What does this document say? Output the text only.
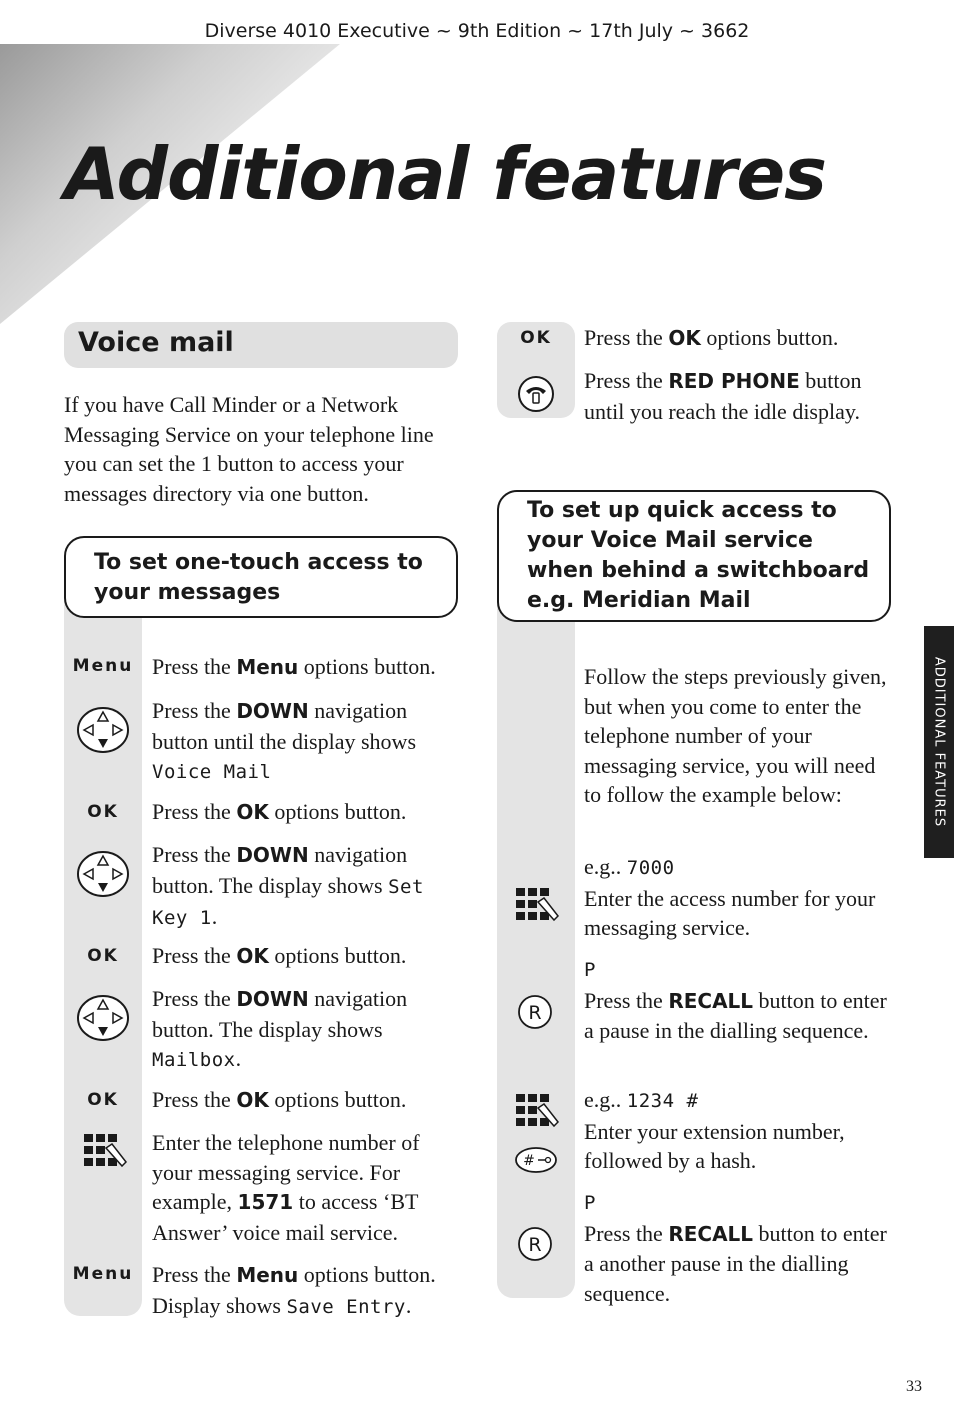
Diverse 4010 Executive ~ 9th Edition ~ 17th July ~ 3662
Additional features
ADDITIONAL FEATURES
33
Voice mail
If you have Call Minder or a Network Messaging Service on your telephone line you can set the 1 button to access your messages directory via one button.
To set one-touch access to your messages
Menu Press the Menu options button.
Press the DOWN navigation button until the display shows Voice Mail
OK	Press the OK options button.
Press the DOWN navigation button. The display shows Set Key 1.
OK	Press the OK options button.
Press the DOWN navigation button. The display shows Mailbox.
OK	Press the OK options button.
Enter the telephone number of your messaging service. For example, 1571 to access ‘BT Answer’ voice mail service.
Menu Press the Menu options button. Display shows Save Entry.
OK	Press the OK options button.
Press the RED PHONE button until you reach the idle display.
To set up quick access to your Voice Mail service when behind a switchboard e.g. Meridian Mail
Follow the steps previously given, but when you come to enter the telephone number of your messaging service, you will need to follow the example below:
e.g.. 7000
Enter the access number for your messaging service.
P
Press the RECALL button to enter a pause in the dialling sequence.
R
e.g.. 1234 #
Enter your extension number, followed by a hash.
#
P
Press the RECALL button to enter a another pause in the dialling sequence.
R
